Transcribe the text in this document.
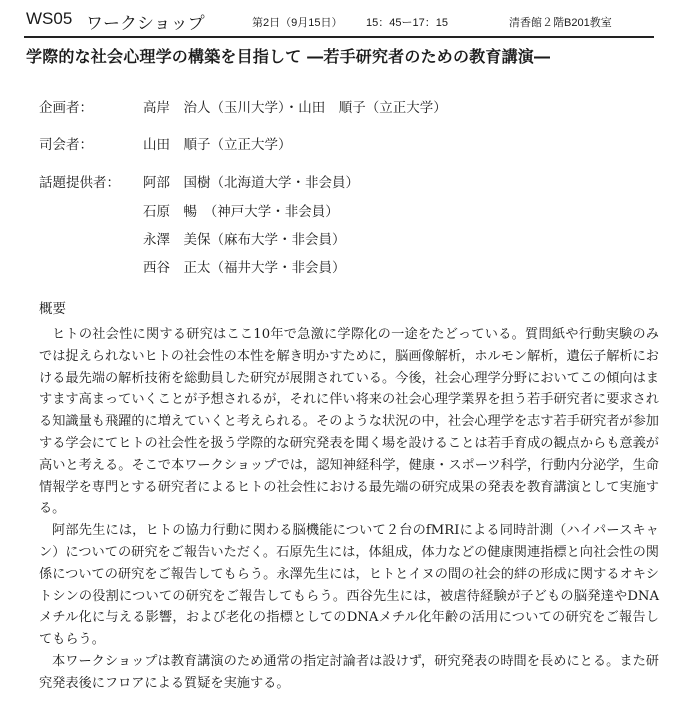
WS05 ワークショップ	第2日（9月15日） 15：45ー17：15	清香館２階B201教室
学際的な社会心理学の構築を目指して ―若手研究者のための教育講演―
企画者：	高岸　治人（玉川大学）・山田　順子（立正大学）
司会者：	山田　順子（立正大学）
話題提供者： 阿部　国樹（北海道大学・非会員）
石原　暢　（神戸大学・非会員）
永澤　美保（麻布大学・非会員）
西谷　正太（福井大学・非会員）
概要

ヒトの社会性に関する研究はここ10年で急激に学際化の一途をたどっている。質問紙や行動実験のみでは捉えられないヒトの社会性の本性を解き明かすために，脳画像解析，ホルモン解析，遺伝子解析における最先端の解析技術を総動員した研究が展開されている。今後，社会心理学分野においてこの傾向はますます高まっていくことが予想されるが，それに伴い将来の社会心理学業界を担う若手研究者に要求される知識量も飛躍的に増えていくと考えられる。そのような状況の中，社会心理学を志す若手研究者が参加する学会にてヒトの社会性を扱う学際的な研究発表を聞く場を設けることは若手育成の観点からも意義が高いと考える。そこで本ワークショップでは，認知神経科学，健康・スポーツ科学，行動内分泌学，生命情報学を専門とする研究者によるヒトの社会性における最先端の研究成果の発表を教育講演として実施する。

阿部先生には，ヒトの協力行動に関わる脳機能について２台のfMRIによる同時計測（ハイパースキャン）についての研究をご報告いただく。石原先生には，体組成，体力などの健康関連指標と向社会性の関係についての研究をご報告してもらう。永澤先生には，ヒトとイヌの間の社会的絆の形成に関するオキシトシンの役割についての研究をご報告してもらう。西谷先生には，被虐待経験が子どもの脳発達やDNAメチル化に与える影響，および老化の指標としてのDNAメチル化年齢の活用についての研究をご報告してもらう。

本ワークショップは教育講演のため通常の指定討論者は設けず，研究発表の時間を長めにとる。また研究発表後にフロアによる質疑を実施する。
